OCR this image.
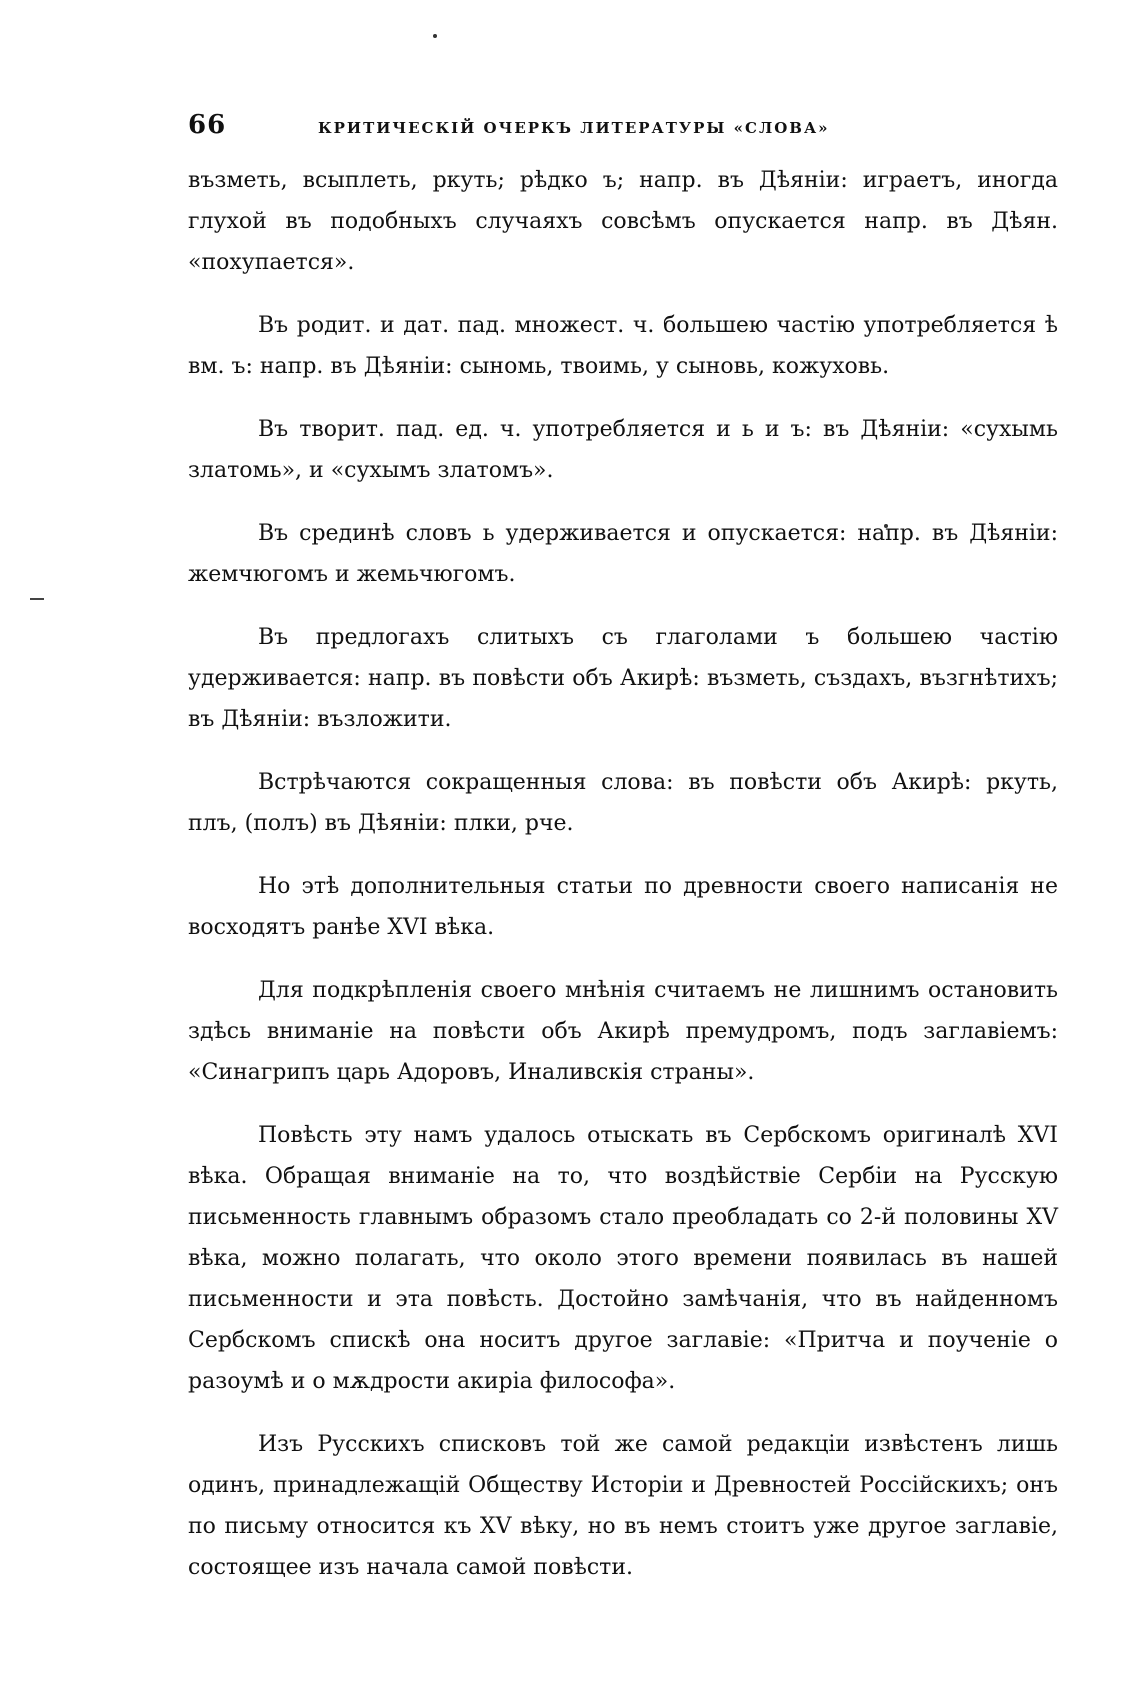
66	КРИТИЧЕСКІЙ ОЧЕРКЪ ЛИТЕРАТУРЫ «СЛОВА»

възметь, всыплеть, ркуть; рѣдко ъ; напр. въ Дѣяніи: играетъ, иногда глухой въ подобныхъ случаяхъ совсѣмъ опускается напр. въ Дѣян. «похупается».

Въ родит. и дат. пад. множест. ч. большею частію употребляется ѣ вм. ъ: напр. въ Дѣяніи: сыномь, твоимь, у сыновь, кожуховь.

Въ творит. пад. ед. ч. употребляется и ь и ъ: въ Дѣяніи: «сухымь златомь», и «сухымъ златомъ».

Въ срединѣ словъ ь удерживается и опускается: напр. въ Дѣяніи: жемчюгомъ и жемьчюгомъ.

Въ предлогахъ слитыхъ съ глаголами ъ большею частію удерживается: напр. въ повѣсти объ Акирѣ: възметь, създахъ, възгнѣтихъ; въ Дѣяніи: възложити.

Встрѣчаются сокращенныя слова: въ повѣсти объ Акирѣ: ркуть, плъ, (полъ) въ Дѣяніи: плки, рче.

Но этѣ дополнительныя статьи по древности своего написанія не восходятъ ранѣе XVI вѣка.

Для подкрѣпленія своего мнѣнія считаемъ не лишнимъ остановить здѣсь вниманіе на повѣсти объ Акирѣ премудромъ, подъ заглавіемъ: «Синагрипъ царь Адоровъ, Иналивскія страны».

Повѣсть эту намъ удалось отыскать въ Сербскомъ оригиналѣ XVI вѣка. Обращая вниманіе на то, что воздѣйствіе Сербіи на Русскую письменность главнымъ образомъ стало преобладать со 2-й половины XV вѣка, можно полагать, что около этого времени появилась въ нашей письменности и эта повѣсть. Достойно замѣчанія, что въ найденномъ Сербскомъ спискѣ она носитъ другое заглавіе: «Притча и поученіе о разоумѣ и о мѫдрости акиріа философа».

Изъ Русскихъ списковъ той же самой редакціи извѣстенъ лишь одинъ, принадлежащій Обществу Исторіи и Древностей Россійскихъ; онъ по письму относится къ XV вѣку, но въ немъ стоитъ уже другое заглавіе, состоящее изъ начала самой повѣсти.
